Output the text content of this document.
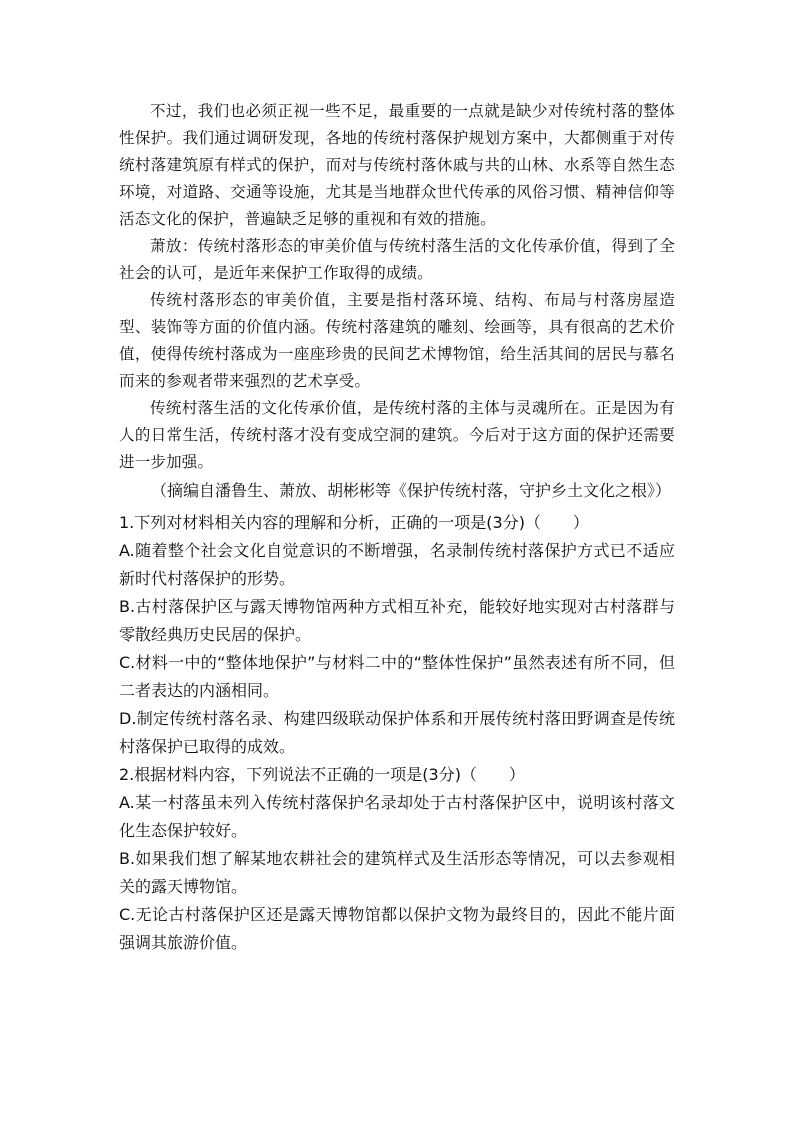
不过，我们也必须正视一些不足，最重要的一点就是缺少对传统村落的整体性保护。我们通过调研发现，各地的传统村落保护规划方案中，大都侧重于对传统村落建筑原有样式的保护，而对与传统村落休戚与共的山林、水系等自然生态环境，对道路、交通等设施，尤其是当地群众世代传承的风俗习惯、精神信仰等活态文化的保护，普遍缺乏足够的重视和有效的措施。

萧放：传统村落形态的审美价值与传统村落生活的文化传承价值，得到了全社会的认可，是近年来保护工作取得的成绩。

传统村落形态的审美价值，主要是指村落环境、结构、布局与村落房屋造型、装饰等方面的价值内涵。传统村落建筑的雕刻、绘画等，具有很高的艺术价值，使得传统村落成为一座座珍贵的民间艺术博物馆，给生活其间的居民与慕名而来的参观者带来强烈的艺术享受。

传统村落生活的文化传承价值，是传统村落的主体与灵魂所在。正是因为有人的日常生活，传统村落才没有变成空洞的建筑。今后对于这方面的保护还需要进一步加强。

（摘编自潘鲁生、萧放、胡彬彬等《保护传统村落，守护乡土文化之根》）

1.下列对材料相关内容的理解和分析，正确的一项是(3分)（　　）

A.随着整个社会文化自觉意识的不断增强，名录制传统村落保护方式已不适应新时代村落保护的形势。

B.古村落保护区与露天博物馆两种方式相互补充，能较好地实现对古村落群与零散经典历史民居的保护。

C.材料一中的“整体地保护”与材料二中的“整体性保护”虽然表述有所不同，但二者表达的内涵相同。

D.制定传统村落名录、构建四级联动保护体系和开展传统村落田野调查是传统村落保护已取得的成效。

2.根据材料内容，下列说法不正确的一项是(3分)（　　）

A.某一村落虽未列入传统村落保护名录却处于古村落保护区中，说明该村落文化生态保护较好。

B.如果我们想了解某地农耕社会的建筑样式及生活形态等情况，可以去参观相关的露天博物馆。

C.无论古村落保护区还是露天博物馆都以保护文物为最终目的，因此不能片面强调其旅游价值。
